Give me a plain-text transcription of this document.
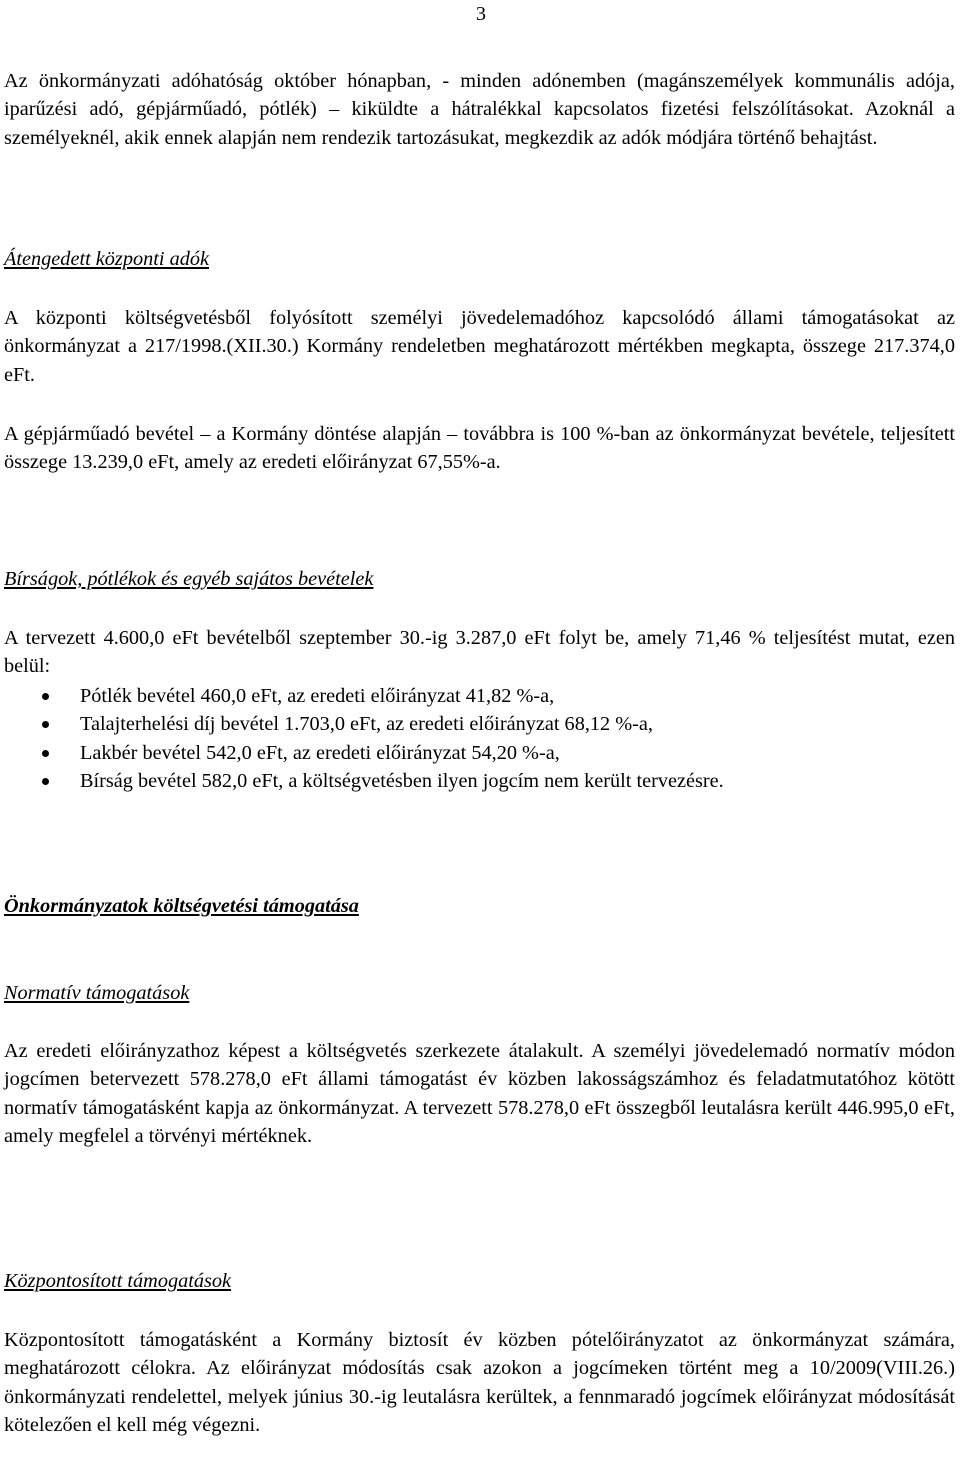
3

Az önkormányzati adóhatóság október hónapban, - minden adónemben (magánszemélyek kommunális adója, iparűzési adó, gépjárműadó, pótlék) – kiküldte a hátralékkal kapcsolatos fizetési felszólításokat. Azoknál a személyeknél, akik ennek alapján nem rendezik tartozásukat, megkezdik az adók módjára történő behajtást.

Átengedett központi adók

A központi költségvetésből folyósított személyi jövedelemadóhoz kapcsolódó állami támogatásokat az önkormányzat a 217/1998.(XII.30.) Kormány rendeletben meghatározott mértékben megkapta, összege 217.374,0 eFt.

A gépjárműadó bevétel – a Kormány döntése alapján – továbbra is 100 %-ban az önkormányzat bevétele, teljesített összege 13.239,0 eFt, amely az eredeti előirányzat 67,55%-a.

Bírságok, pótlékok és egyéb sajátos bevételek

A tervezett 4.600,0 eFt bevételből szeptember 30.-ig 3.287,0 eFt folyt be, amely 71,46 % teljesítést mutat, ezen belül:

Pótlék bevétel 460,0 eFt, az eredeti előirányzat 41,82 %-a,
Talajterhelési díj bevétel 1.703,0 eFt, az eredeti előirányzat 68,12 %-a,
Lakbér bevétel 542,0 eFt, az eredeti előirányzat 54,20 %-a,
Bírság bevétel 582,0 eFt, a költségvetésben ilyen jogcím nem került tervezésre.
Önkormányzatok költségvetési támogatása
Normatív támogatások

Az eredeti előirányzathoz képest a költségvetés szerkezete átalakult. A személyi jövedelemadó normatív módon jogcímen betervezett 578.278,0 eFt állami támogatást év közben lakosságszámhoz és feladatmutatóhoz kötött normatív támogatásként kapja az önkormányzat. A tervezett 578.278,0 eFt összegből leutalásra került 446.995,0 eFt, amely megfelel a törvényi mértéknek.

Központosított támogatások

Központosított támogatásként a Kormány biztosít év közben pótelőirányzatot az önkormányzat számára, meghatározott célokra. Az előirányzat módosítás csak azokon a jogcímeken történt meg a 10/2009(VIII.26.) önkormányzati rendelettel, melyek június 30.-ig leutalásra kerültek, a fennmaradó jogcímek előirányzat módosítását kötelezően el kell még végezni.
